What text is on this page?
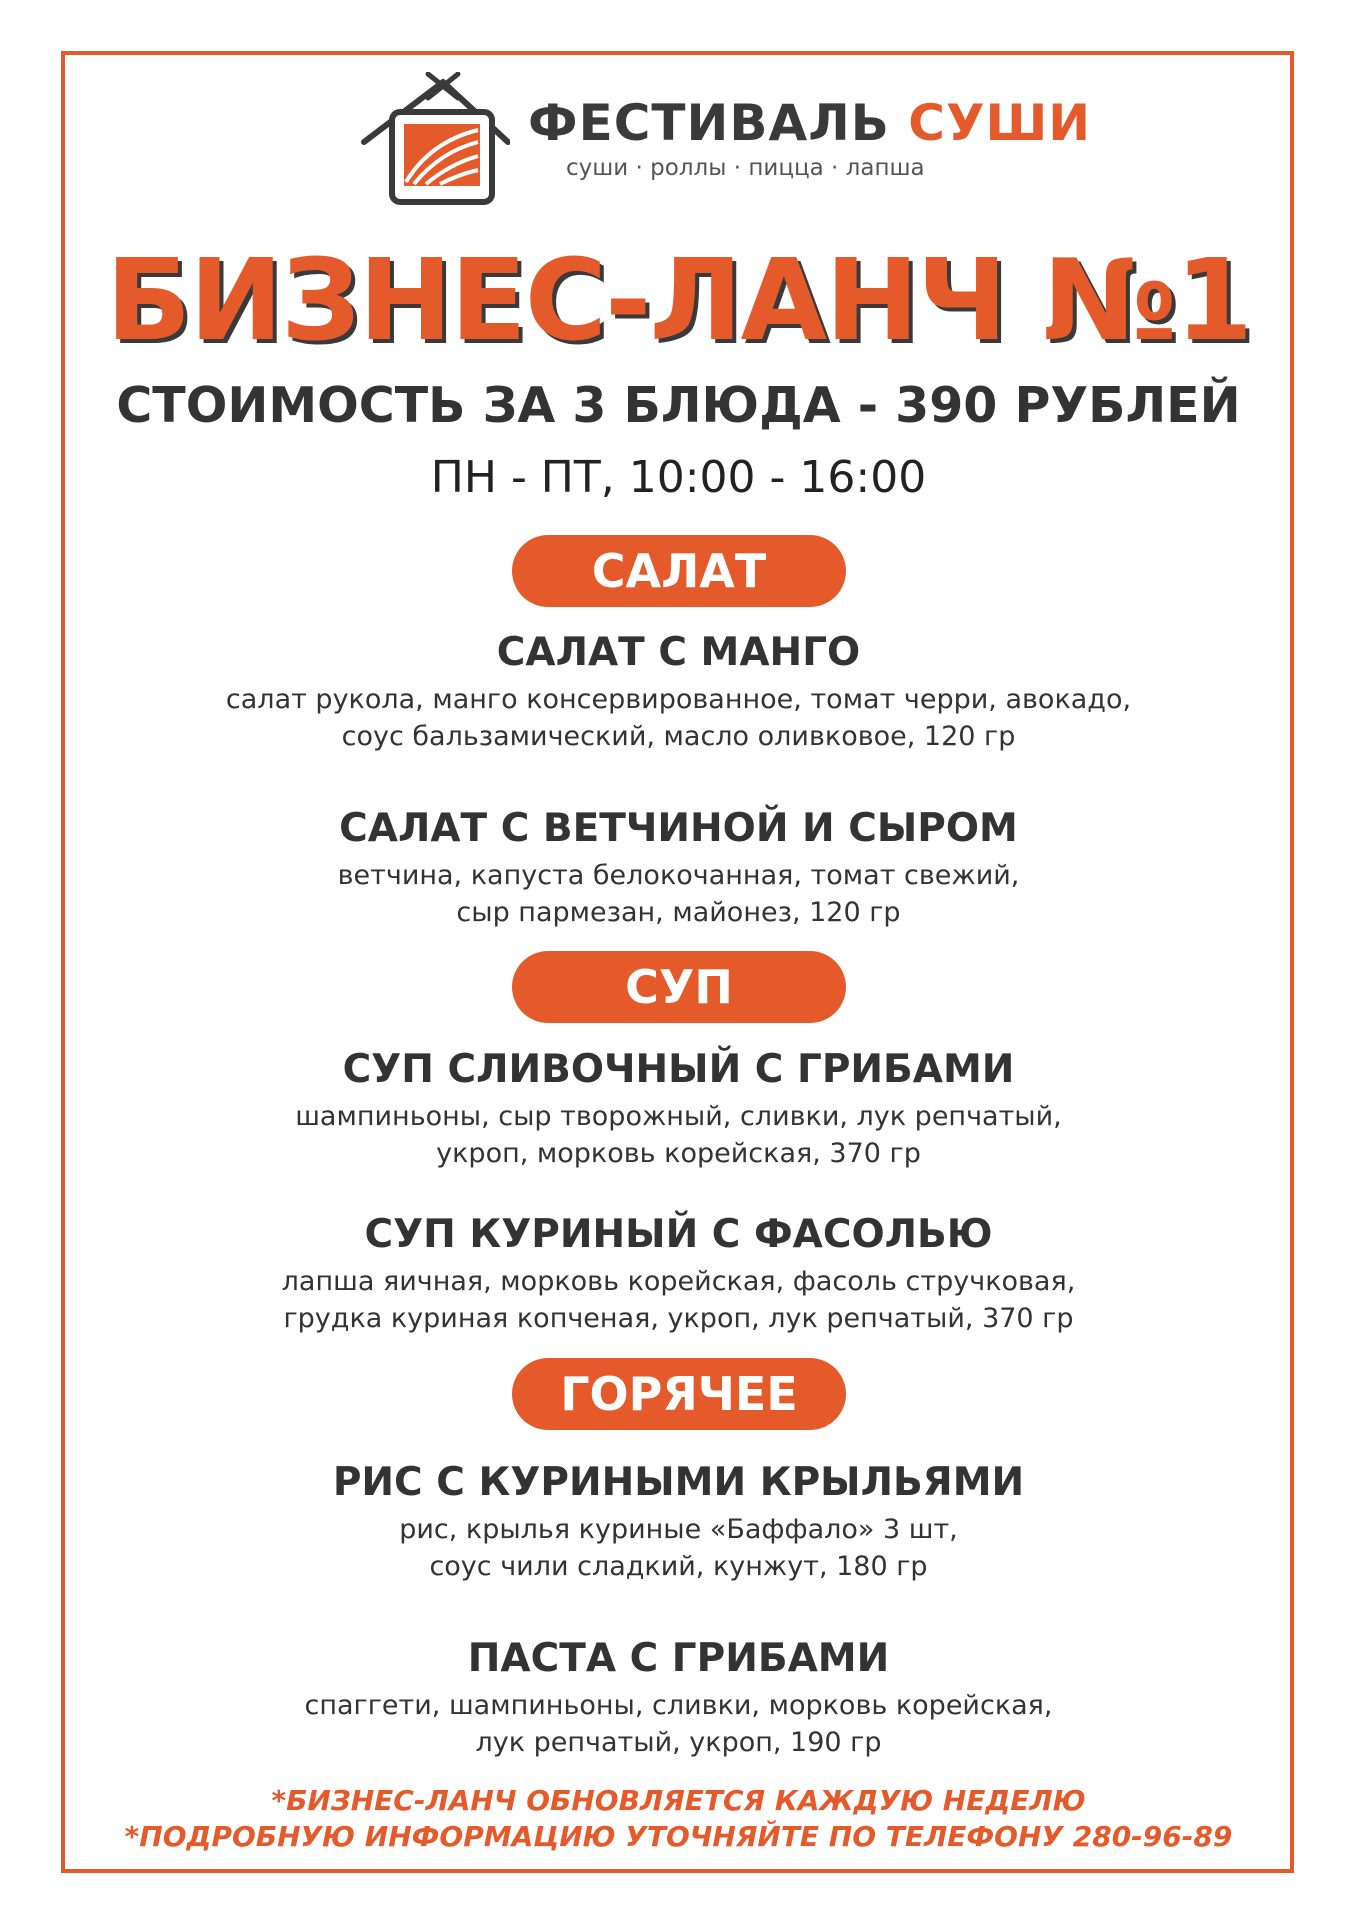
ФЕСТИВАЛЬ СУШИ
суши · роллы · пицца · лапша
БИЗНЕС-ЛАНЧ №1
СТОИМОСТЬ ЗА 3 БЛЮДА - 390 РУБЛЕЙ
ПН - ПТ, 10:00 - 16:00
САЛАТ
САЛАТ С МАНГО
салат рукола, манго консервированное, томат черри, авокадо,
соус бальзамический, масло оливковое, 120 гр
САЛАТ С ВЕТЧИНОЙ И СЫРОМ
ветчина, капуста белокочанная, томат свежий,
сыр пармезан, майонез, 120 гр
СУП
СУП СЛИВОЧНЫЙ С ГРИБАМИ
шампиньоны, сыр творожный, сливки, лук репчатый,
укроп, морковь корейская, 370 гр
СУП КУРИНЫЙ С ФАСОЛЬЮ
лапша яичная, морковь корейская, фасоль стручковая,
грудка куриная копченая, укроп, лук репчатый, 370 гр
ГОРЯЧЕЕ
РИС С КУРИНЫМИ КРЫЛЬЯМИ
рис, крылья куриные «Баффало» 3 шт,
соус чили сладкий, кунжут, 180 гр
ПАСТА С ГРИБАМИ
спаггети, шампиньоны, сливки, морковь корейская,
лук репчатый, укроп, 190 гр
*БИЗНЕС-ЛАНЧ ОБНОВЛЯЕТСЯ КАЖДУЮ НЕДЕЛЮ
*ПОДРОБНУЮ ИНФОРМАЦИЮ УТОЧНЯЙТЕ ПО ТЕЛЕФОНУ 280-96-89
